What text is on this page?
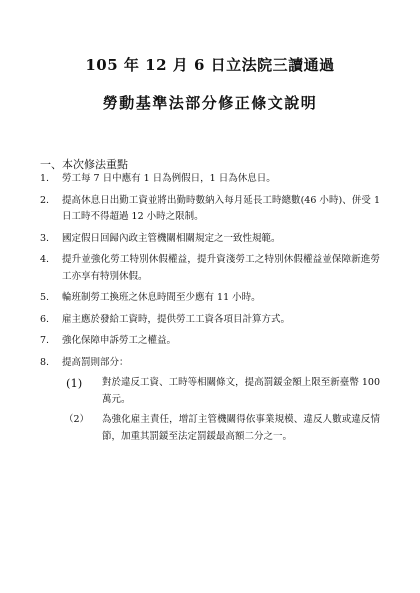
105 年 12 月 6 日立法院三讀通過
勞動基準法部分修正條文說明
一、本次修法重點
1. 勞工每 7 日中應有 1 日為例假日，1 日為休息日。
2. 提高休息日出勤工資並將出勤時數納入每月延長工時總數(46 小時)、併受 1 日工時不得超過 12 小時之限制。
3. 國定假日回歸內政主管機關相關規定之一致性規範。
4. 提升並強化勞工特別休假權益，提升資淺勞工之特別休假權益並保障新進勞工亦享有特別休假。
5. 輪班制勞工換班之休息時間至少應有 11 小時。
6. 雇主應於發給工資時，提供勞工工資各項目計算方式。
7. 強化保障申訴勞工之權益。
8. 提高罰則部分：
(1) 對於違反工資、工時等相關條文，提高罰鍰金額上限至新臺幣 100 萬元。
（2） 為強化雇主責任，增訂主管機關得依事業規模、違反人數或違反情節，加重其罰鍰至法定罰鍰最高額二分之一。
